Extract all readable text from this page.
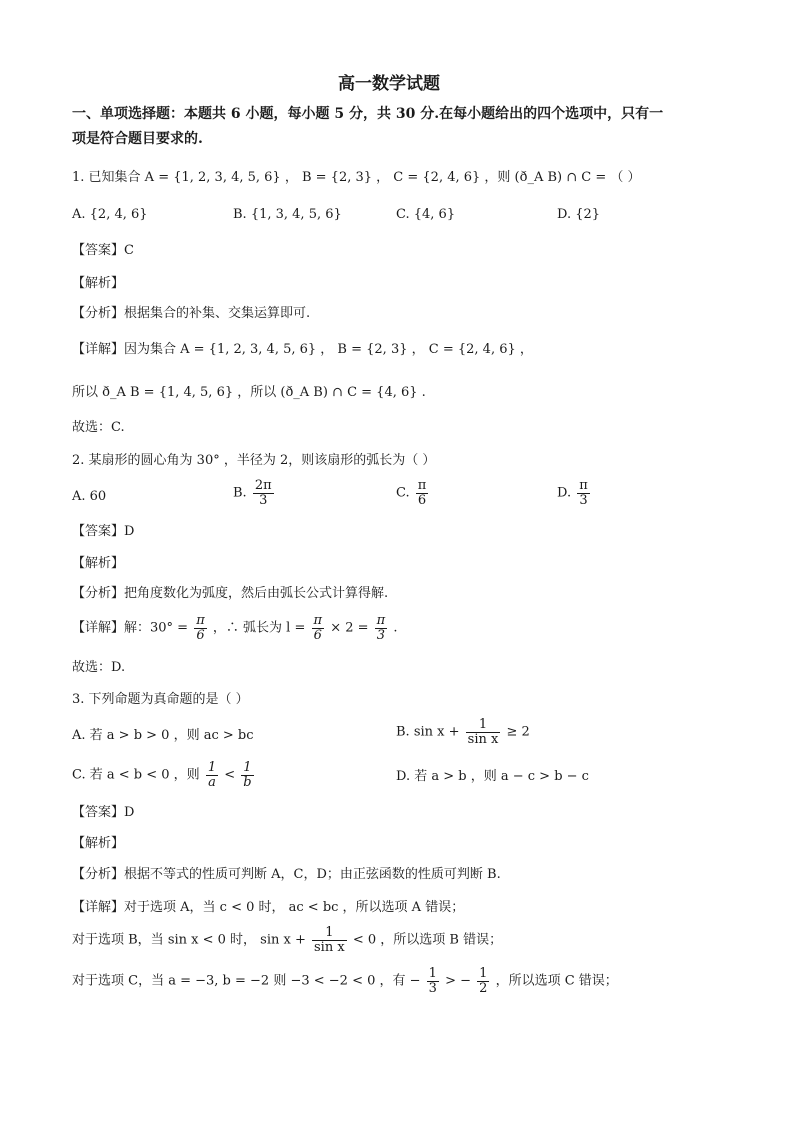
高一数学试题
一、单项选择题：本题共 6 小题，每小题 5 分，共 30 分.在每小题给出的四个选项中，只有一
项是符合题目要求的.
1. 已知集合 A = {1, 2, 3, 4, 5, 6} ， B = {2, 3} ， C = {2, 4, 6} ，则 (ð_A B) ∩ C = （ ）
A. {2, 4, 6}	B. {1, 3, 4, 5, 6}	C. {4, 6}	D. {2}
【答案】C
【解析】
【分析】根据集合的补集、交集运算即可.
【详解】因为集合 A = {1, 2, 3, 4, 5, 6} ， B = {2, 3} ， C = {2, 4, 6} ，
所以 ð_A B = {1, 4, 5, 6} ，所以 (ð_A B) ∩ C = {4, 6} .
故选：C.
2. 某扇形的圆心角为 30° ，半径为 2，则该扇形的弧长为（ ）
A. 60	B. $\frac{2\pi}{3}$	C. $\frac{\pi}{6}$	D. $\frac{\pi}{3}$
【答案】D
【解析】
【分析】把角度数化为弧度，然后由弧长公式计算得解.
【详解】解：$30^\circ = \frac{\pi}{6}$ ，∴ 弧长为 $l = \frac{\pi}{6} \times 2 = \frac{\pi}{3}$ .
故选：D.
3. 下列命题为真命题的是（ ）
A. 若 a > b > 0 ，则 ac > bc	B. $\sin x + \frac{1}{\text{sin x}} \ge 2$
C. 若 a < b < 0 ，则 $\frac{1}{a} < \frac{1}{b}$	D. 若 a > b ，则 a − c > b − c
【答案】D
【解析】
【分析】根据不等式的性质可判断 A，C，D；由正弦函数的性质可判断 B.
【详解】对于选项 A，当 c < 0 时， ac < bc ，所以选项 A 错误；
对于选项 B，当 sin x < 0 时， $\sin x + \frac{1}{\text{sin x}} < 0$ ，所以选项 B 错误；
对于选项 C，当 a = −3, b = −2 则 −3 < −2 < 0 ，有 − $\frac{1}{3}$ > − $\frac{1}{2}$ ，所以选项 C 错误；
